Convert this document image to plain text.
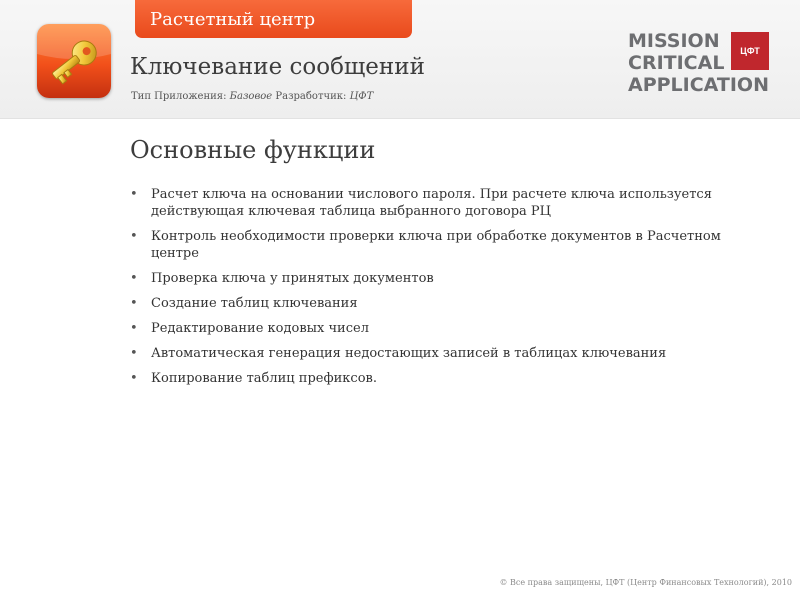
Расчетный центр
Ключевание сообщений
Тип Приложения: Базовое Разработчик: ЦФТ
MISSION	ЦФТ
CRITICAL
APPLICATION
Основные функции
• Расчет ключа на основании числового пароля. При расчете ключа используется действующая ключевая таблица выбранного договора РЦ
• Контроль необходимости проверки ключа при обработке документов в Расчетном центре
• Проверка ключа у принятых документов
• Создание таблиц ключевания
• Редактирование кодовых чисел
• Автоматическая генерация недостающих записей в таблицах ключевания
• Копирование таблиц префиксов.
© Все права защищены, ЦФТ (Центр Финансовых Технологий), 2010
